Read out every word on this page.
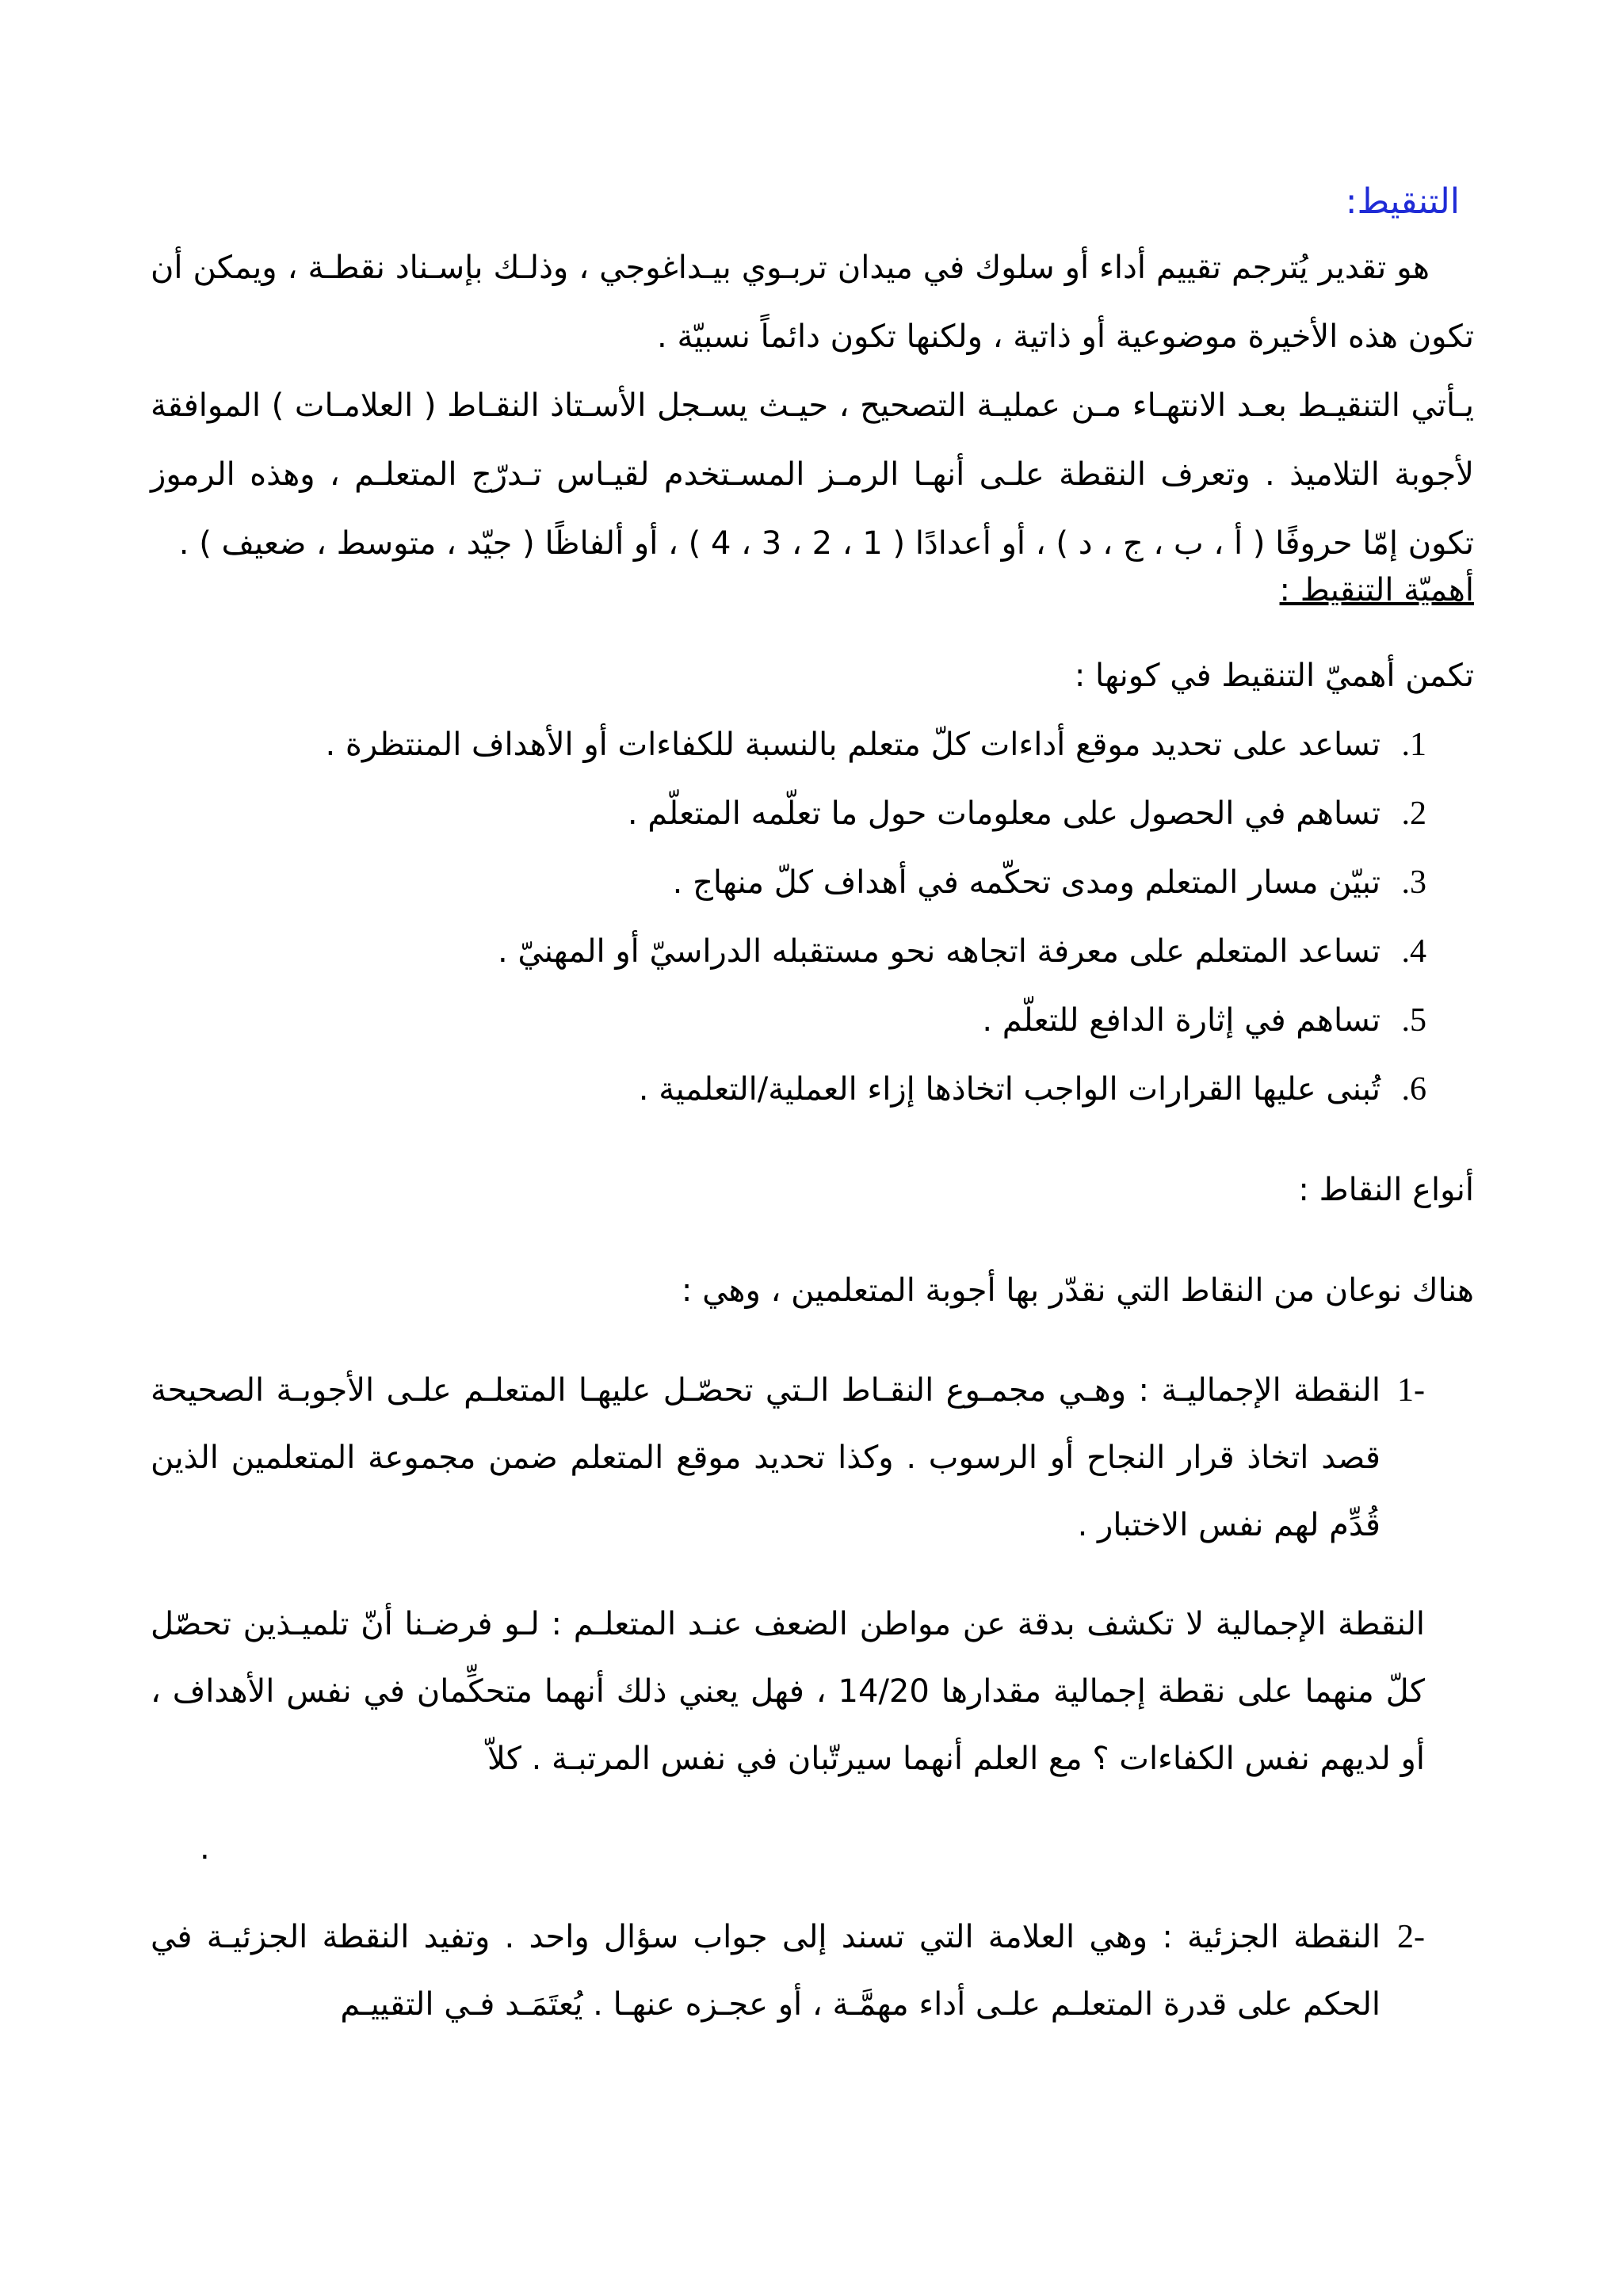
التنقيط:

هو تقدير يُترجم تقييم أداء أو سلوك في ميدان تربـوي بيـداغوجي ، وذلـك بإسـناد نقطـة ، ويمكن أن تكون هذه الأخيرة موضوعية أو ذاتية ، ولكنها تكون دائماً نسبيّة .

يـأتي التنقيـط بعـد الانتهـاء مـن عمليـة التصحيح ، حيـث يسـجل الأسـتاذ النقـاط ( العلامـات ) الموافقة لأجوبة التلاميذ . وتعرف النقطة علـى أنهـا الرمـز المسـتخدم لقيـاس تـدرّج المتعلـم ، وهذه الرموز تكون إمّا حروفًا ( أ ، ب ، ج ، د ) ، أو أعدادًا ( 1 ، 2 ، 3 ، 4 ) ، أو ألفاظًا ( جيّد ، متوسط ، ضعيف ) .

أهميّة التنقيط :
تكمن أهميّ التنقيط في كونها :
1.
تساعد على تحديد موقع أداءات كلّ متعلم بالنسبة للكفاءات أو الأهداف المنتظرة .
2.
تساهم في الحصول على معلومات حول ما تعلّمه المتعلّم .
3.
تبيّن مسار المتعلم ومدى تحكّمه في أهداف كلّ منهاج .
4.
تساعد المتعلم على معرفة اتجاهه نحو مستقبله الدراسيّ أو المهنيّ .
5.
تساهم في إثارة الدافع للتعلّم .
6.
تُبنى عليها القرارات الواجب اتخاذها إزاء العملية/التعلمية .
أنواع النقاط :
هناك نوعان من النقاط التي نقدّر بها أجوبة المتعلمين ، وهي :
-1
النقطة الإجماليـة : وهـي مجمـوع النقـاط الـتي تحصّـل عليهـا المتعلـم علـى الأجوبـة الصحيحة قصد اتخاذ قرار النجاح أو الرسوب . وكذا تحديد موقع المتعلم ضمن مجموعة المتعلمين الذين قُدِّم لهم نفس الاختبار .

النقطة الإجمالية لا تكشف بدقة عن مواطن الضعف عنـد المتعلـم : لـو فرضـنا أنّ تلميـذين تحصّل كلّ منهما على نقطة إجمالية مقدارها 14/20 ، فهل يعني ذلك أنهما متحكِّمان في نفس الأهداف ، أو لديهم نفس الكفاءات ؟ مع العلم أنهما سيرتّبان في نفس المرتبـة . كلاّ

.
-2
النقطة الجزئية : وهي العلامة التي تسند إلى جواب سؤال واحد . وتفيد النقطة الجزئيـة في الحكم على قدرة المتعلـم علـى أداء مهمَّـة ، أو عجـزه عنهـا . يُعتَمَـد فـي التقييـم
